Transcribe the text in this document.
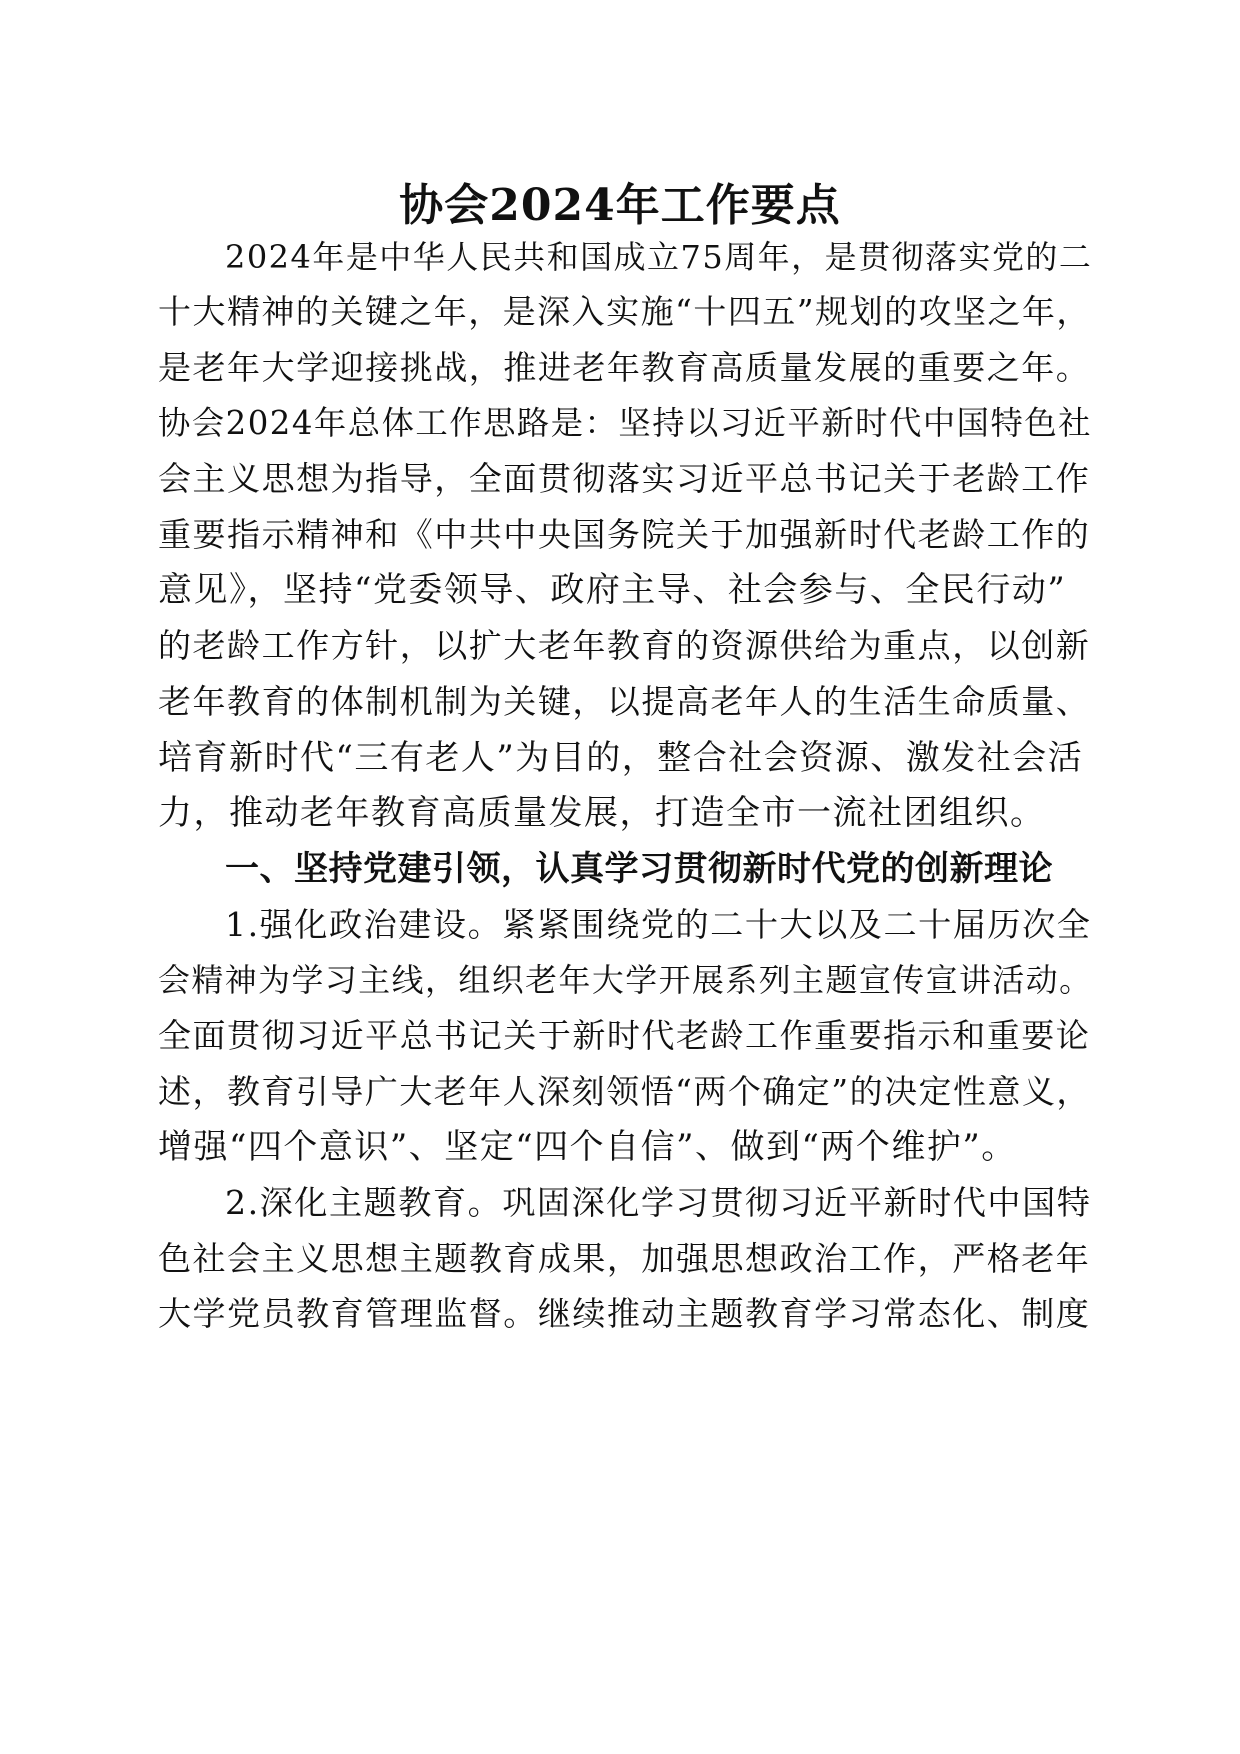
协会2024年工作要点
2024年是中华人民共和国成立75周年，是贯彻落实党的二
十大精神的关键之年，是深入实施“十四五”规划的攻坚之年，
是老年大学迎接挑战，推进老年教育高质量发展的重要之年。
协会2024年总体工作思路是：坚持以习近平新时代中国特色社
会主义思想为指导，全面贯彻落实习近平总书记关于老龄工作
重要指示精神和《中共中央国务院关于加强新时代老龄工作的
意见》，坚持“党委领导、政府主导、社会参与、全民行动”
的老龄工作方针，以扩大老年教育的资源供给为重点，以创新
老年教育的体制机制为关键，以提高老年人的生活生命质量、
培育新时代“三有老人”为目的，整合社会资源、激发社会活
力，推动老年教育高质量发展，打造全市一流社团组织。
一、坚持党建引领，认真学习贯彻新时代党的创新理论
1.强化政治建设。紧紧围绕党的二十大以及二十届历次全
会精神为学习主线，组织老年大学开展系列主题宣传宣讲活动。
全面贯彻习近平总书记关于新时代老龄工作重要指示和重要论
述，教育引导广大老年人深刻领悟“两个确定”的决定性意义，
增强“四个意识”、坚定“四个自信”、做到“两个维护”。
2.深化主题教育。巩固深化学习贯彻习近平新时代中国特
色社会主义思想主题教育成果，加强思想政治工作，严格老年
大学党员教育管理监督。继续推动主题教育学习常态化、制度
